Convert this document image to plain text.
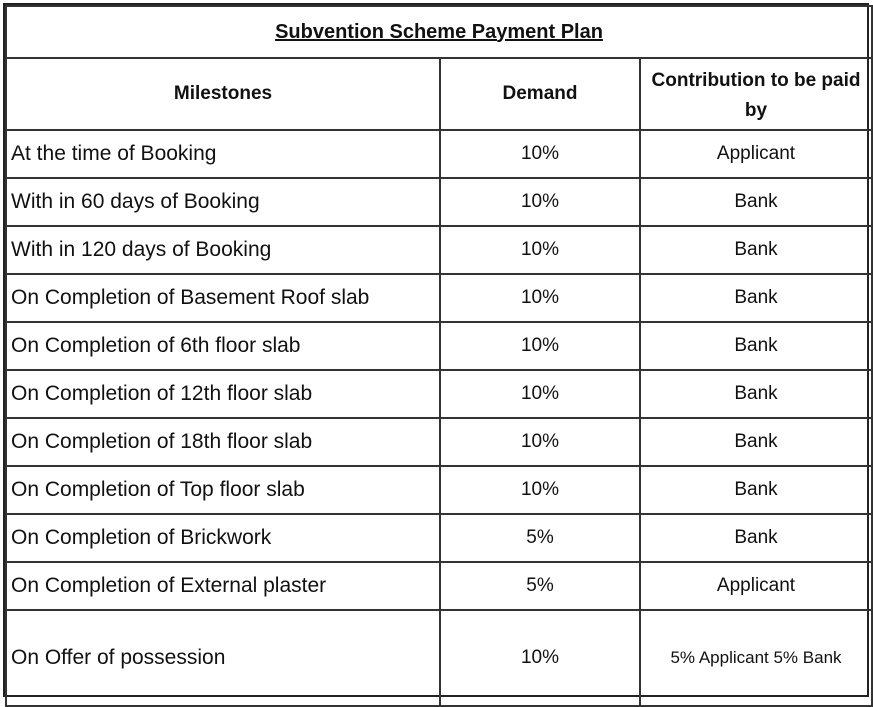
Subvention Scheme Payment Plan		
Milestones	Demand	Contribution to be paid by
At the time of Booking	10%	Applicant
With in 60 days of Booking	10%	Bank
With in 120 days of Booking	10%	Bank
On Completion of Basement Roof slab	10%	Bank
On Completion of 6th floor slab	10%	Bank
On Completion of 12th floor slab	10%	Bank
On Completion of 18th floor slab	10%	Bank
On Completion of Top floor slab	10%	Bank
On Completion of Brickwork	5%	Bank
On Completion of External plaster	5%	Applicant
On Offer of possession	10%	5% Applicant 5% Bank
